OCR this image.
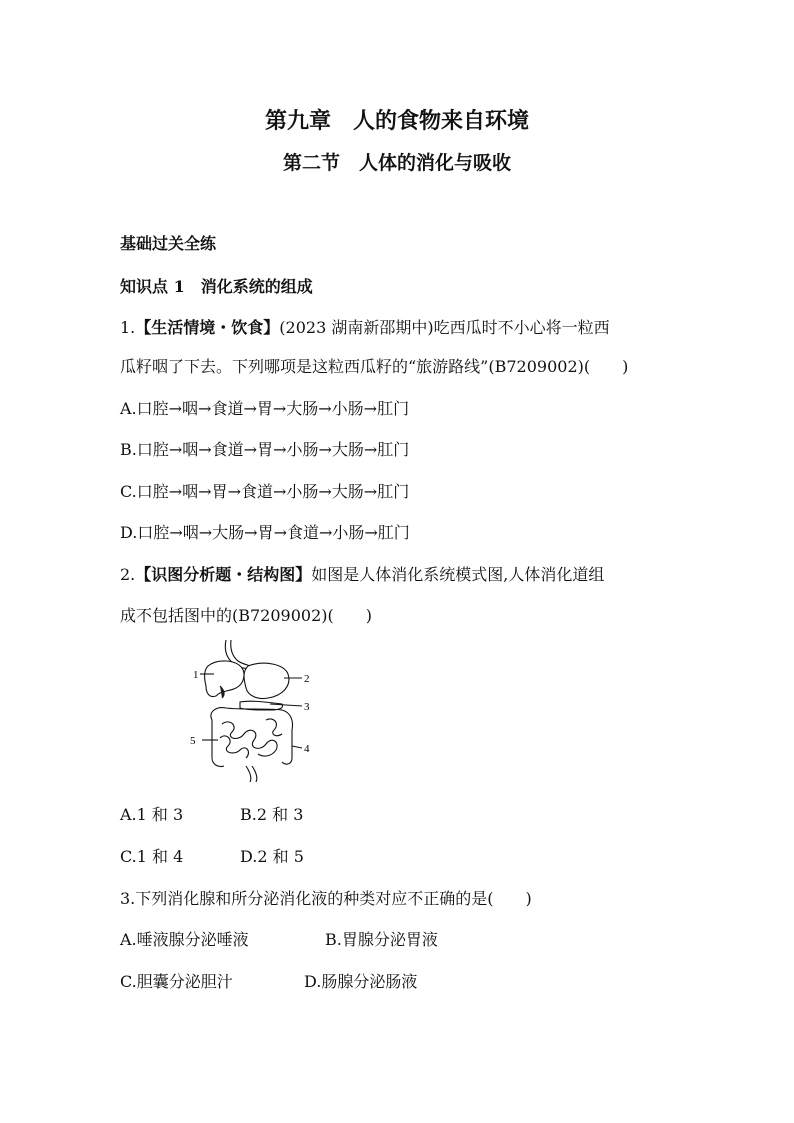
第九章　人的食物来自环境
第二节　人体的消化与吸收
基础过关全练
知识点 1　消化系统的组成
1.【生活情境・饮食】(2023 湖南新邵期中)吃西瓜时不小心将一粒西
瓜籽咽了下去。下列哪项是这粒西瓜籽的“旅游路线”(B7209002)(　　)
A.口腔→咽→食道→胃→大肠→小肠→肛门
B.口腔→咽→食道→胃→小肠→大肠→肛门
C.口腔→咽→胃→食道→小肠→大肠→肛门
D.口腔→咽→大肠→胃→食道→小肠→肛门
2.【识图分析题・结构图】如图是人体消化系统模式图,人体消化道组
成不包括图中的(B7209002)(　　)
1	2
3
4
5
A.1 和 3	B.2 和 3
C.1 和 4	D.2 和 5
3.下列消化腺和所分泌消化液的种类对应不正确的是(　　)
A.唾液腺分泌唾液	B.胃腺分泌胃液
C.胆囊分泌胆汁	D.肠腺分泌肠液
